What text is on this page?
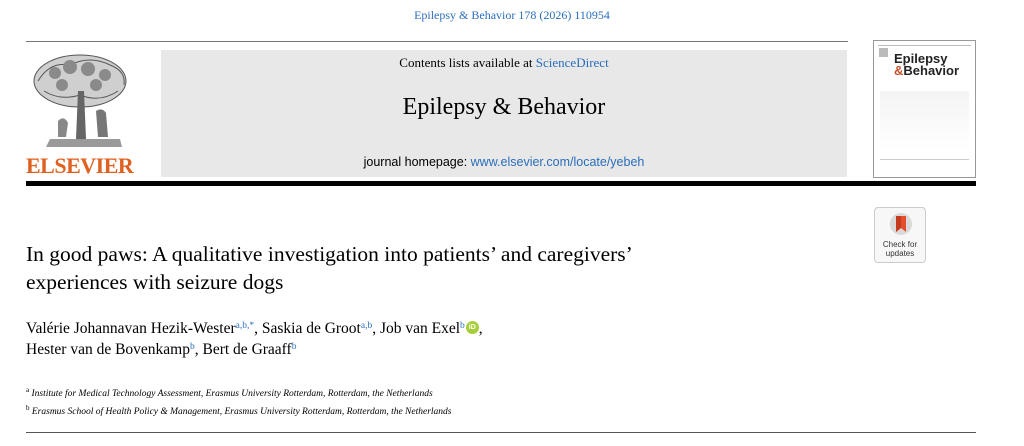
Epilepsy & Behavior 178 (2026) 110954
ELSEVIER
Contents lists available at ScienceDirect
Epilepsy & Behavior
journal homepage: www.elsevier.com/locate/yebeh
Epilepsy
&Behavior
Check for
updates
In good paws: A qualitative investigation into patients’ and caregivers’
experiences with seizure dogs
Valérie Johannavan Hezik-Wester$^{a,b,*}$, Saskia de Groot$^{a,b}$, Job van Exel$^b$ iD ,
Hester van de Bovenkamp$^b$, Bert de Graaff$^b$
$^a$ Institute for Medical Technology Assessment, Erasmus University Rotterdam, Rotterdam, the Netherlands
$^b$ Erasmus School of Health Policy & Management, Erasmus University Rotterdam, Rotterdam, the Netherlands
